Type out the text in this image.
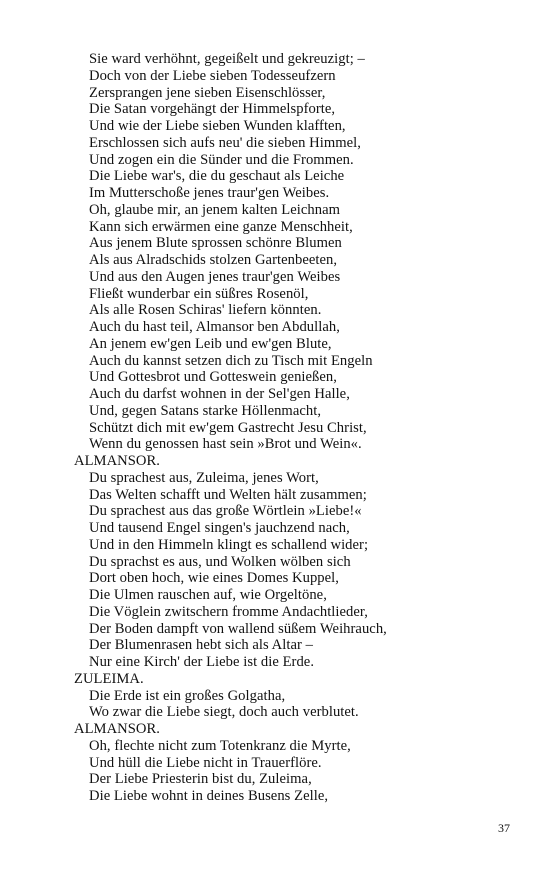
Sie ward verhöhnt, gegeißelt und gekreuzigt; –
Doch von der Liebe sieben Todesseufzern
Zersprangen jene sieben Eisenschlösser,
Die Satan vorgehängt der Himmelspforte,
Und wie der Liebe sieben Wunden klafften,
Erschlossen sich aufs neu' die sieben Himmel,
Und zogen ein die Sünder und die Frommen.
Die Liebe war's, die du geschaut als Leiche
Im Mutterschoße jenes traur'gen Weibes.
Oh, glaube mir, an jenem kalten Leichnam
Kann sich erwärmen eine ganze Menschheit,
Aus jenem Blute sprossen schönre Blumen
Als aus Alradschids stolzen Gartenbeeten,
Und aus den Augen jenes traur'gen Weibes
Fließt wunderbar ein süßres Rosenöl,
Als alle Rosen Schiras' liefern könnten.
Auch du hast teil, Almansor ben Abdullah,
An jenem ew'gen Leib und ew'gen Blute,
Auch du kannst setzen dich zu Tisch mit Engeln
Und Gottesbrot und Gotteswein genießen,
Auch du darfst wohnen in der Sel'gen Halle,
Und, gegen Satans starke Höllenmacht,
Schützt dich mit ew'gem Gastrecht Jesu Christ,
Wenn du genossen hast sein »Brot und Wein«.
ALMANSOR.
Du sprachest aus, Zuleima, jenes Wort,
Das Welten schafft und Welten hält zusammen;
Du sprachest aus das große Wörtlein »Liebe!«
Und tausend Engel singen's jauchzend nach,
Und in den Himmeln klingt es schallend wider;
Du sprachst es aus, und Wolken wölben sich
Dort oben hoch, wie eines Domes Kuppel,
Die Ulmen rauschen auf, wie Orgeltöne,
Die Vöglein zwitschern fromme Andachtlieder,
Der Boden dampft von wallend süßem Weihrauch,
Der Blumenrasen hebt sich als Altar –
Nur eine Kirch' der Liebe ist die Erde.
ZULEIMA.
Die Erde ist ein großes Golgatha,
Wo zwar die Liebe siegt, doch auch verblutet.
ALMANSOR.
Oh, flechte nicht zum Totenkranz die Myrte,
Und hüll die Liebe nicht in Trauerflöre.
Der Liebe Priesterin bist du, Zuleima,
Die Liebe wohnt in deines Busens Zelle,
37
